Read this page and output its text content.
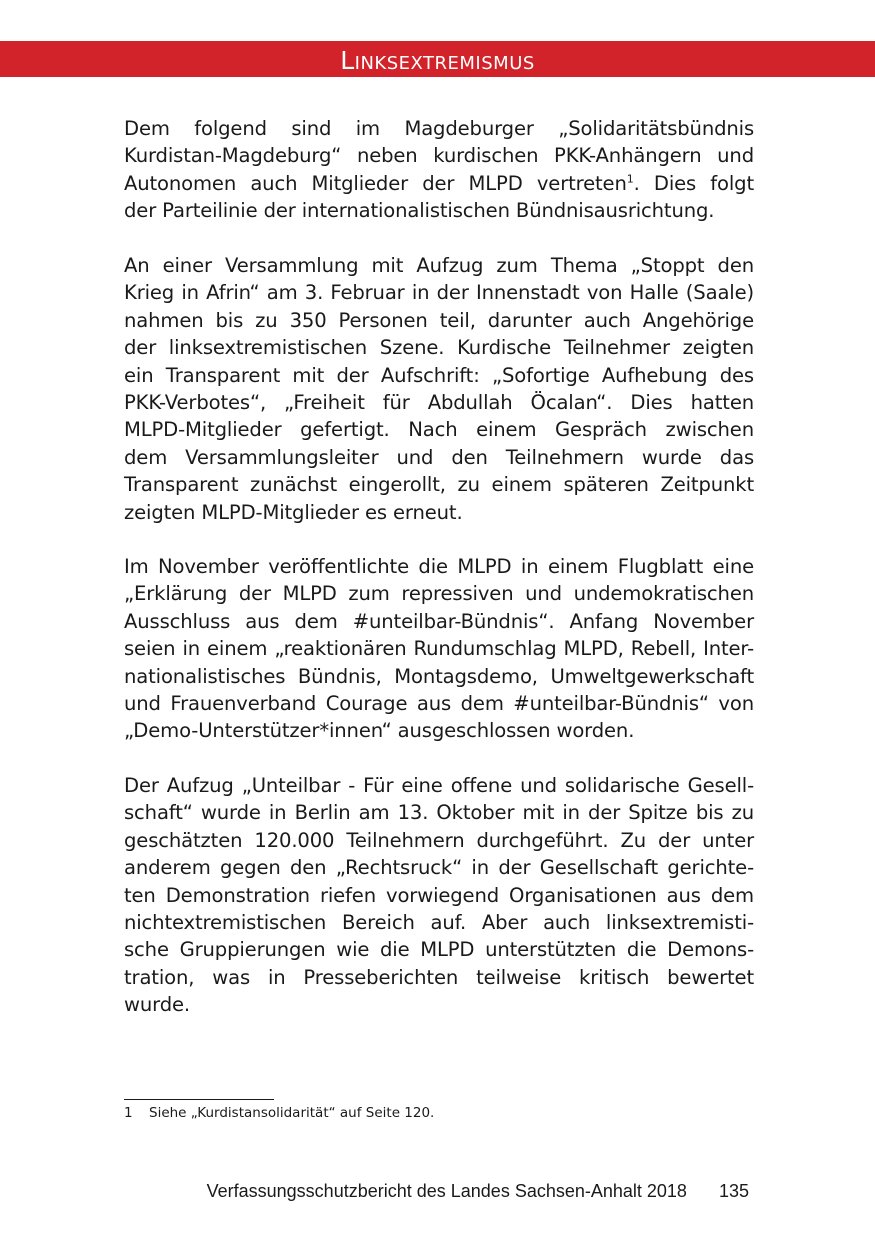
Linksextremismus

Dem folgend sind im Magdeburger „Solidaritätsbündnis
Kurdistan-Magdeburg“ neben kurdischen PKK-Anhängern und
Autonomen auch Mitglieder der MLPD vertreten$^1$. Dies folgt
der Parteilinie der internationalistischen Bündnisausrichtung.

An einer Versammlung mit Aufzug zum Thema „Stoppt den
Krieg in Afrin“ am 3. Februar in der Innenstadt von Halle (Saale)
nahmen bis zu 350 Personen teil, darunter auch Angehörige
der linksextremistischen Szene. Kurdische Teilnehmer zeigten
ein Transparent mit der Aufschrift: „Sofortige Aufhebung des
PKK-Verbotes“, „Freiheit für Abdullah Öcalan“. Dies hatten
MLPD-Mitglieder gefertigt. Nach einem Gespräch zwischen
dem Versammlungsleiter und den Teilnehmern wurde das
Transparent zunächst eingerollt, zu einem späteren Zeitpunkt
zeigten MLPD-Mitglieder es erneut.

Im November veröffentlichte die MLPD in einem Flugblatt eine
„Erklärung der MLPD zum repressiven und undemokratischen
Ausschluss aus dem #unteilbar-Bündnis“. Anfang November
seien in einem „reaktionären Rundumschlag MLPD, Rebell, Inter-
nationalistisches Bündnis, Montagsdemo, Umweltgewerkschaft
und Frauenverband Courage aus dem #unteilbar-Bündnis“ von
„Demo-Unterstützer*innen“ ausgeschlossen worden.

Der Aufzug „Unteilbar - Für eine offene und solidarische Gesell-
schaft“ wurde in Berlin am 13. Oktober mit in der Spitze bis zu
geschätzten 120.000 Teilnehmern durchgeführt. Zu der unter
anderem gegen den „Rechtsruck“ in der Gesellschaft gerichte-
ten Demonstration riefen vorwiegend Organisationen aus dem
nichtextremistischen Bereich auf. Aber auch linksextremisti-
sche Gruppierungen wie die MLPD unterstützten die Demons-
tration, was in Presseberichten teilweise kritisch bewertet
wurde.

1 Siehe „Kurdistansolidarität“ auf Seite 120.
Verfassungsschutzbericht des Landes Sachsen-Anhalt 2018 135
